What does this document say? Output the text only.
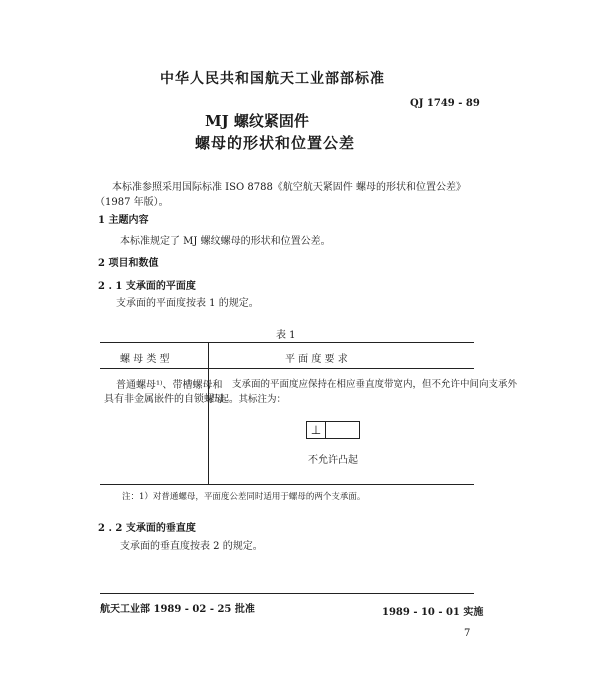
中华人民共和国航天工业部部标准
QJ 1749 - 89
MJ 螺纹紧固件
螺母的形状和位置公差
本标准参照采用国际标准 ISO 8788《航空航天紧固件 螺母的形状和位置公差》
（1987 年版）。
1 主题内容
本标准规定了 MJ 螺纹螺母的形状和位置公差。
2 项目和数值
2 . 1 支承面的平面度
支承面的平面度按表 1 的规定。
表 1
螺 母 类 型	平 面 度 要 求
普通螺母¹⁾、带槽螺母和
具有非金属嵌件的自锁螺母
支承面的平面度应保持在相应垂直度带宽内，但不允许中间向支承外
凸起。其标注为：
⊥
不允许凸起
注：1）对普通螺母，平面度公差同时适用于螺母的两个支承面。
2 . 2 支承面的垂直度
支承面的垂直度按表 2 的规定。
航天工业部 1989 - 02 - 25 批准	1989 - 10 - 01 实施
7
